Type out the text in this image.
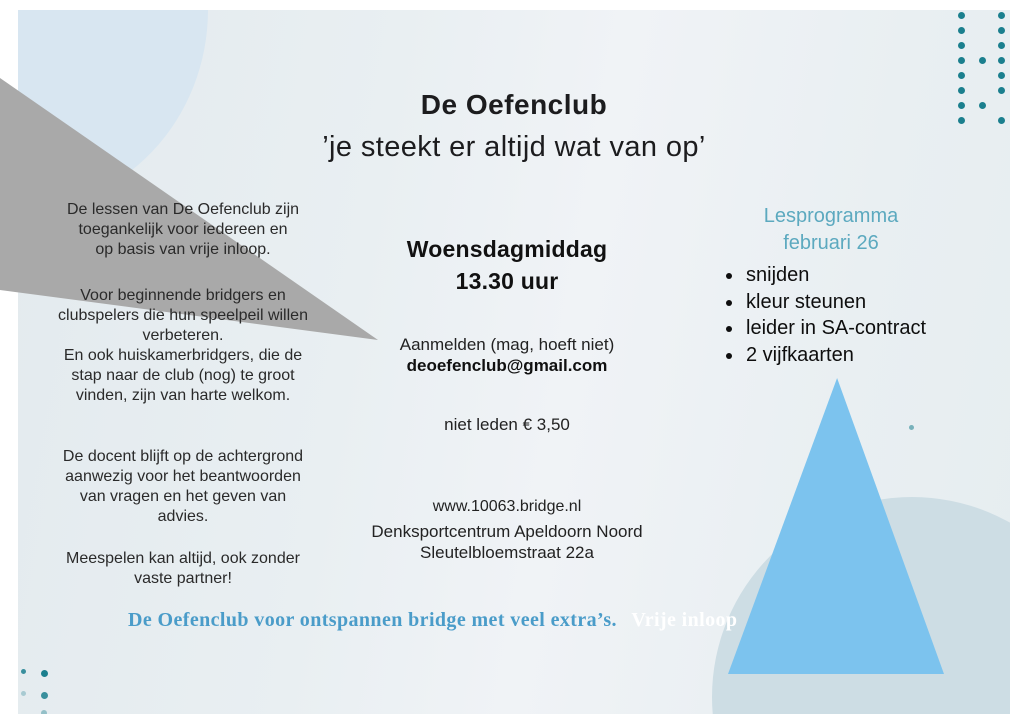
De Oefenclub
’je steekt er altijd wat van op’
De lessen van De Oefenclub zijn
toegankelijk voor iedereen en
op basis van vrije inloop.
Voor beginnende bridgers en
clubspelers die hun speelpeil willen
verbeteren.
En ook huiskamerbridgers, die de
stap naar de club (nog) te groot
vinden, zijn van harte welkom.
De docent blijft op de achtergrond
aanwezig voor het beantwoorden
van vragen en het geven van
advies.
Meespelen kan altijd, ook zonder
vaste partner!
Woensdagmiddag
13.30 uur
Aanmelden (mag, hoeft niet)
deoefenclub@gmail.com
niet leden € 3,50
www.10063.bridge.nl
Denksportcentrum Apeldoorn Noord
Sleutelbloemstraat 22a
Lesprogramma
februari 26
• snijden
• kleur steunen
• leider in SA-contract
• 2 vijfkaarten
De Oefenclub voor ontspannen bridge met veel extra’s. Vrije inloop
